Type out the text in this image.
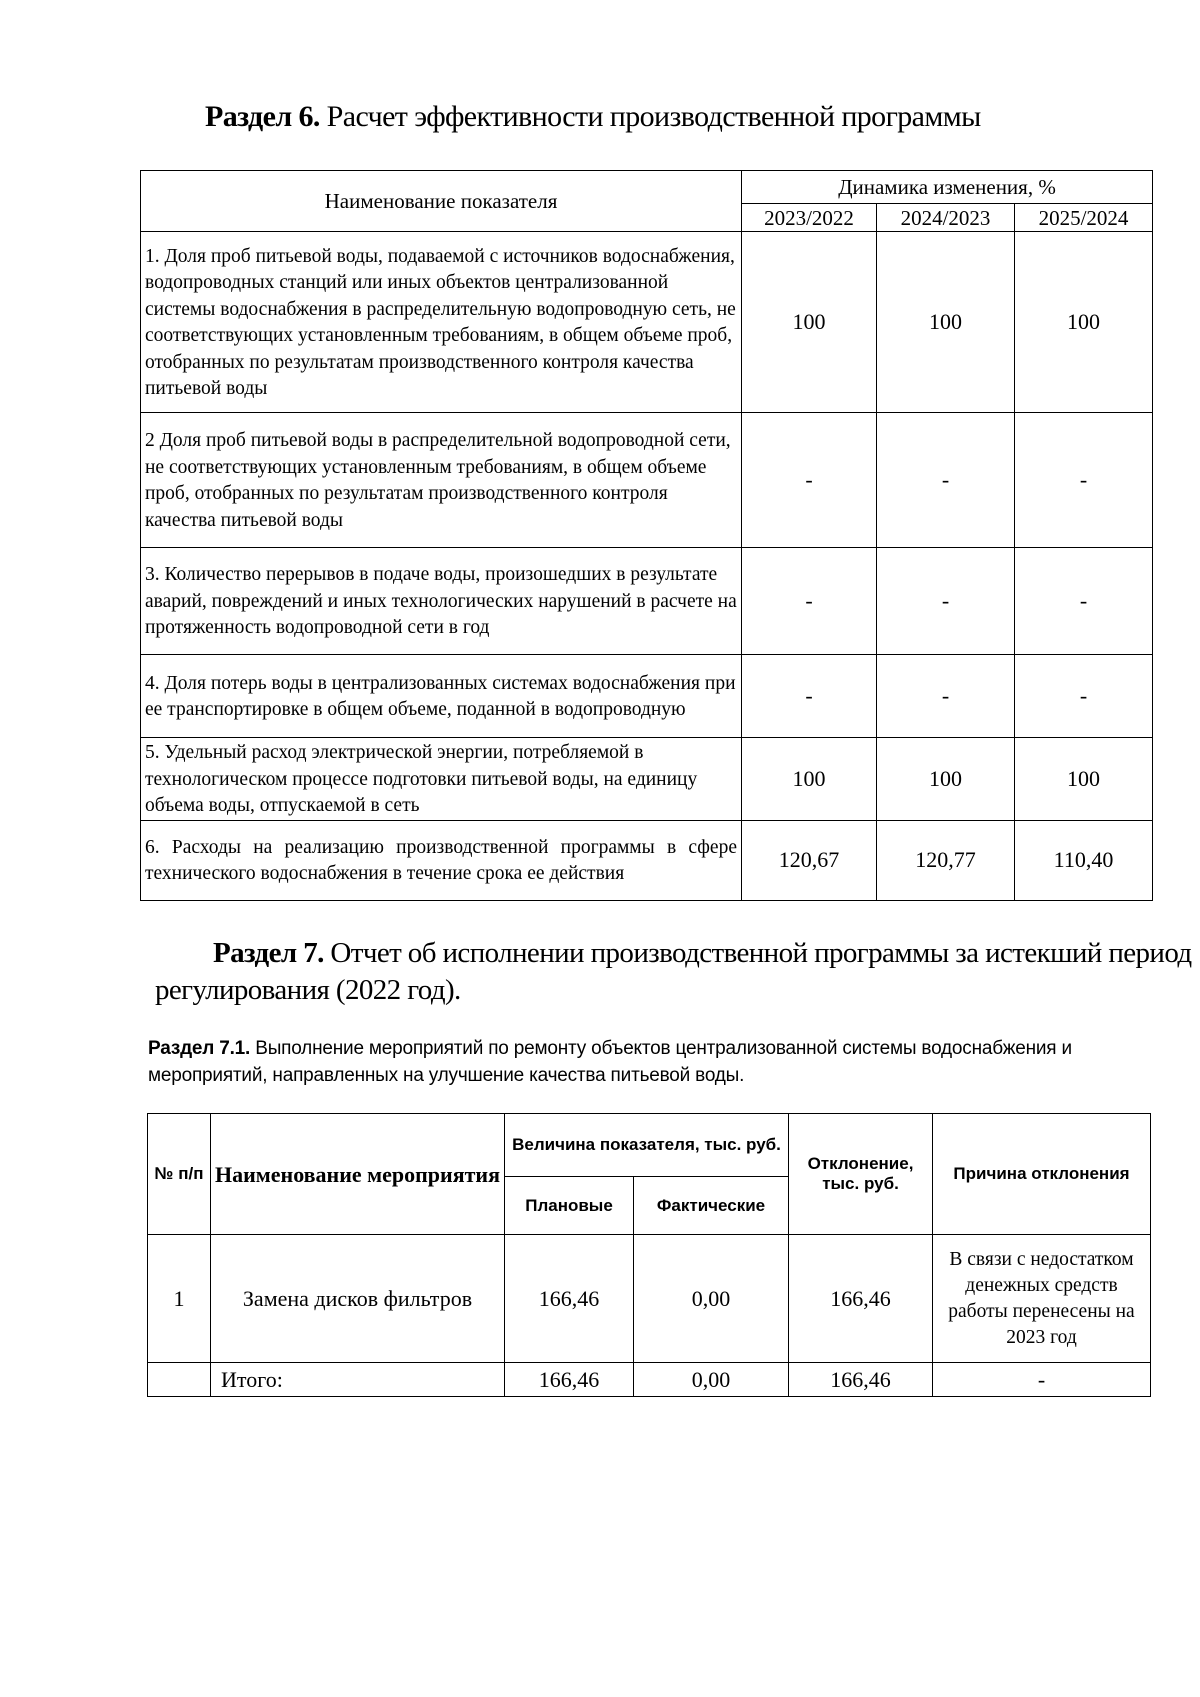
Раздел 6. Расчет эффективности производственной программы
Наименование показателя	Динамика изменения, %		
	2023/2022	2024/2023	2025/2024
1. Доля проб питьевой воды, подаваемой с источников водоснабжения, водопроводных станций или иных объектов централизованной системы водоснабжения в распределительную водопроводную сеть, не соответствующих установленным требованиям, в общем объеме проб, отобранных по результатам производственного контроля качества питьевой воды	100	100	100
2 Доля проб питьевой воды в распределительной водопроводной сети, не соответствующих установленным требованиям, в общем объеме проб, отобранных по результатам производственного контроля качества питьевой воды	-	-	-
3. Количество перерывов в подаче воды, произошедших в результате аварий, повреждений и иных технологических нарушений в расчете на протяженность водопроводной сети в год	-	-	-
4. Доля потерь воды в централизованных системах водоснабжения при ее транспортировке в общем объеме, поданной в водопроводную	-	-	-
5. Удельный расход электрической энергии, потребляемой в технологическом процессе подготовки питьевой воды, на единицу объема воды, отпускаемой в сеть	100	100	100
6. Расходы на реализацию производственной программы в сфере технического водоснабжения в течение срока ее действия	120,67	120,77	110,40
Раздел 7. Отчет об исполнении производственной программы за истекший период
регулирования (2022 год).
Раздел 7.1. Выполнение мероприятий по ремонту объектов централизованной системы водоснабжения и мероприятий, направленных на улучшение качества питьевой воды.
№ п/п	Наименование мероприятия	Величина показателя, тыс. руб.		Отклонение, тыс. руб.	Причина отклонения
		Плановые	Фактические		
1	Замена дисков фильтров	166,46	0,00	166,46	В связи с недостатком денежных средств работы перенесены на 2023 год
	Итого:	166,46	0,00	166,46	-
